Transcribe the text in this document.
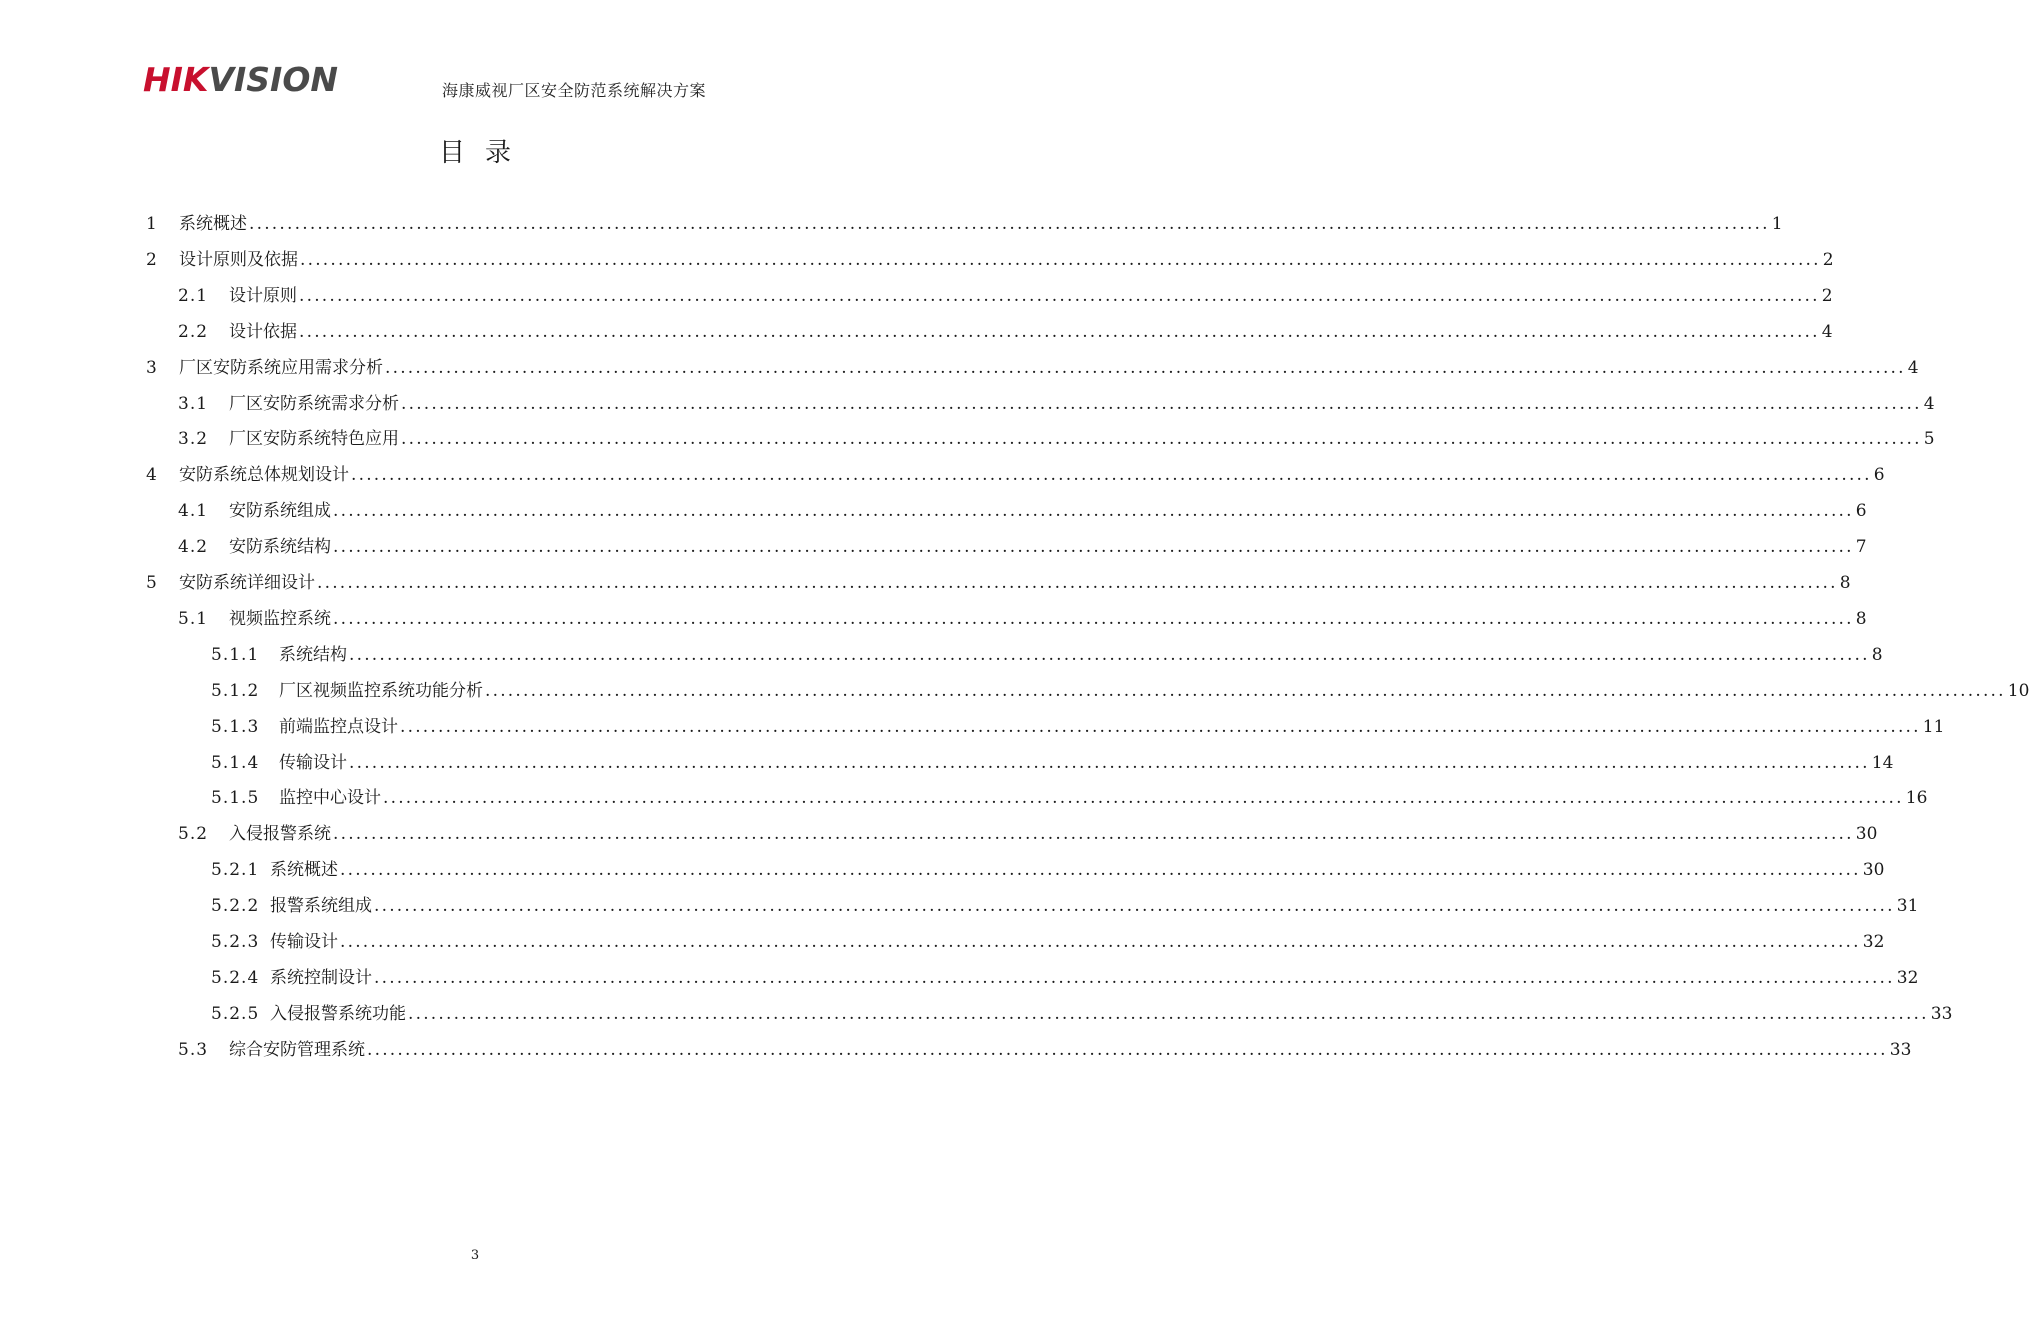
HIKVISION	海康威视厂区安全防范系统解决方案
目录
1	系统概述 ........................................................................................................................................................................................................ 1
2	设计原则及依据 ........................................................................................................................................................................................................ 2
2.1	设计原则 ........................................................................................................................................................................................................ 2
2.2	设计依据 ........................................................................................................................................................................................................ 4
3	厂区安防系统应用需求分析 ........................................................................................................................................................................................................ 4
3.1	厂区安防系统需求分析 ........................................................................................................................................................................................................ 4
3.2	厂区安防系统特色应用 ........................................................................................................................................................................................................ 5
4	安防系统总体规划设计 ........................................................................................................................................................................................................ 6
4.1	安防系统组成 ........................................................................................................................................................................................................ 6
4.2	安防系统结构 ........................................................................................................................................................................................................ 7
5	安防系统详细设计 ........................................................................................................................................................................................................ 8
5.1	视频监控系统 ........................................................................................................................................................................................................ 8
5.1.1	系统结构 ........................................................................................................................................................................................................ 8
5.1.2	厂区视频监控系统功能分析 ........................................................................................................................................................................................................ 10
5.1.3	前端监控点设计 ........................................................................................................................................................................................................ 11
5.1.4	传输设计 ........................................................................................................................................................................................................ 14
5.1.5	监控中心设计 ........................................................................................................................................................................................................ 16
5.2	入侵报警系统 ........................................................................................................................................................................................................ 30
5.2.1 系统概述 ........................................................................................................................................................................................................ 30
5.2.2 报警系统组成 ........................................................................................................................................................................................................ 31
5.2.3 传输设计 ........................................................................................................................................................................................................ 32
5.2.4 系统控制设计 ........................................................................................................................................................................................................ 32
5.2.5 入侵报警系统功能 ........................................................................................................................................................................................................ 33
5.3	综合安防管理系统 ........................................................................................................................................................................................................ 33
3
